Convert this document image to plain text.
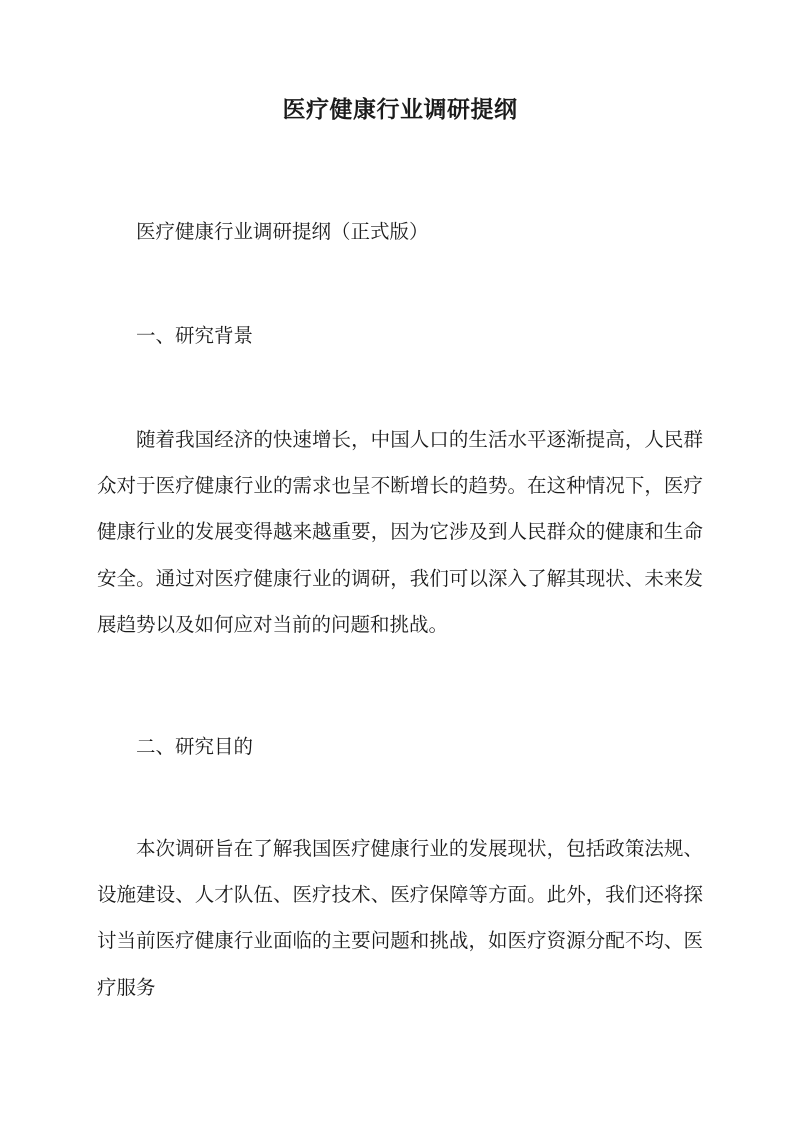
医疗健康行业调研提纲

医疗健康行业调研提纲（正式版）

一、研究背景

随着我国经济的快速增长，中国人口的生活水平逐渐提高，人民群众对于医疗健康行业的需求也呈不断增长的趋势。在这种情况下，医疗健康行业的发展变得越来越重要，因为它涉及到人民群众的健康和生命安全。通过对医疗健康行业的调研，我们可以深入了解其现状、未来发展趋势以及如何应对当前的问题和挑战。

二、研究目的

本次调研旨在了解我国医疗健康行业的发展现状，包括政策法规、设施建设、人才队伍、医疗技术、医疗保障等方面。此外，我们还将探讨当前医疗健康行业面临的主要问题和挑战，如医疗资源分配不均、医疗服务
